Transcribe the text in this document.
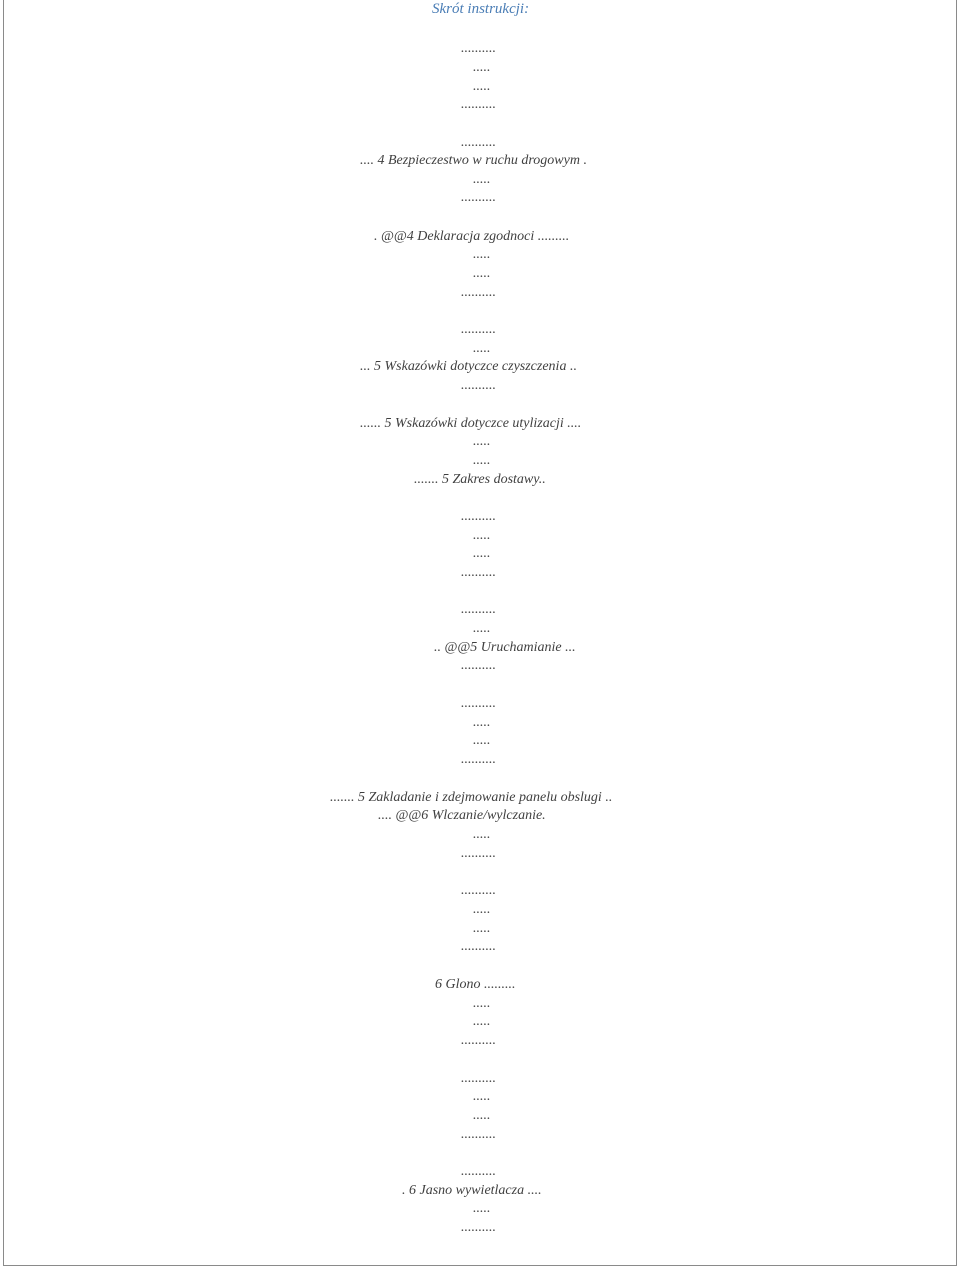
Skrót instrukcji:
..........
.....
.....
..........
..........
.... 4 Bezpieczestwo w ruchu drogowym .
.....
..........
. @@4 Deklaracja zgodnoci .........
.....
.....
..........
..........
.....
... 5 Wskazówki dotyczce czyszczenia ..
..........
...... 5 Wskazówki dotyczce utylizacji ....
.....
.....
....... 5 Zakres dostawy..
..........
.....
.....
..........
..........
.....
.. @@5 Uruchamianie ...
..........
..........
.....
.....
..........
....... 5 Zakladanie i zdejmowanie panelu obslugi ..
.... @@6 Wlczanie/wylczanie.
.....
..........
..........
.....
.....
..........
6 Glono .........
.....
.....
..........
..........
.....
.....
..........
..........
. 6 Jasno wywietlacza ....
.....
..........
